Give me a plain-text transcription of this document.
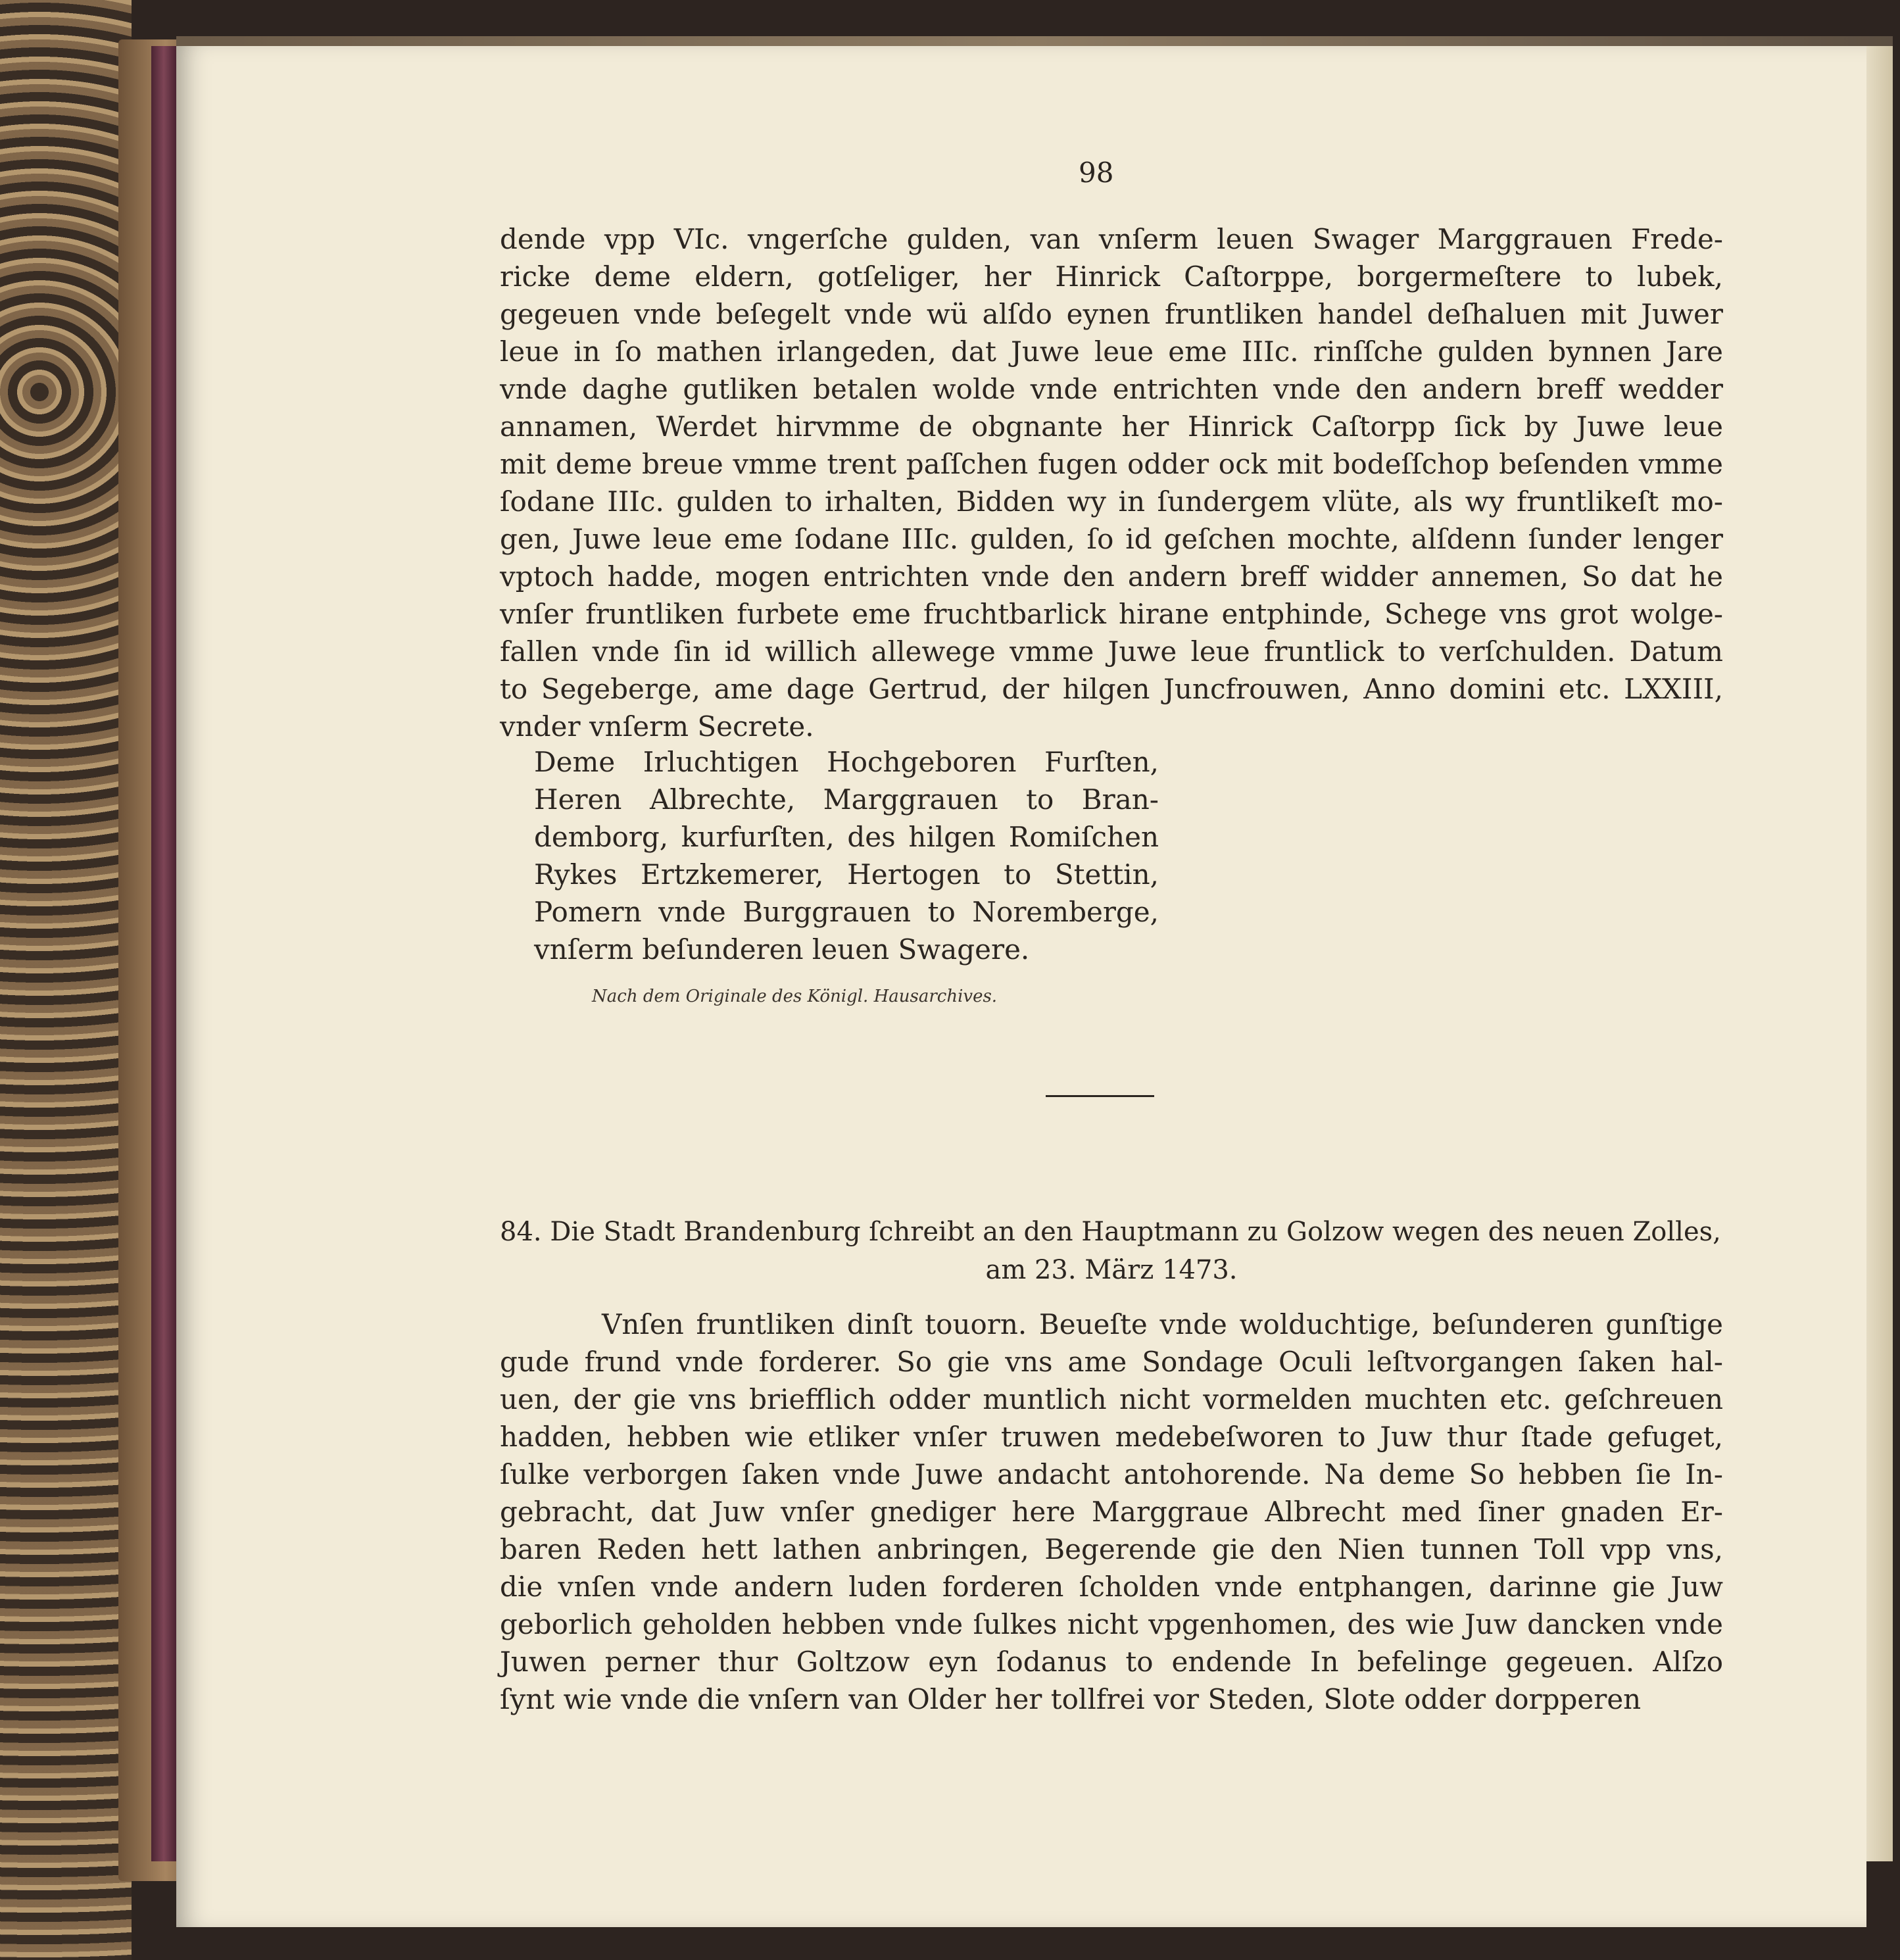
98
dende vpp VIc. vngerſche gulden, van vnſerm leuen Swager Marggrauen Frede-
ricke deme eldern, gotſeliger, her Hinrick Caſtorppe, borgermeſtere to lubek,
gegeuen vnde beſegelt vnde wü alſdo eynen fruntliken handel deſhaluen mit Juwer
leue in ſo mathen irlangeden, dat Juwe leue eme IIIc. rinſſche gulden bynnen Jare
vnde daghe gutliken betalen wolde vnde entrichten vnde den andern breff wedder
annamen, Werdet hirvmme de obgnante her Hinrick Caſtorpp ſick by Juwe leue
mit deme breue vmme trent paſſchen fugen odder ock mit bodeſſchop beſenden vmme
ſodane IIIc. gulden to irhalten, Bidden wy in ſundergem vlüte, als wy fruntlikeſt mo-
gen, Juwe leue eme ſodane IIIc. gulden, ſo id geſchen mochte, alſdenn ſunder lenger
vptoch hadde, mogen entrichten vnde den andern breff widder annemen, So dat he
vnſer fruntliken furbete eme fruchtbarlick hirane entphinde, Schege vns grot wolge-
fallen vnde ſin id willich allewege vmme Juwe leue fruntlick to verſchulden. Datum
to Segeberge, ame dage Gertrud, der hilgen Juncfrouwen, Anno domini etc. LXXIII,
vnder vnſerm Secrete.
Deme Irluchtigen Hochgeboren Furſten,
Heren Albrechte, Marggrauen to Bran-
demborg, kurfurſten, des hilgen Romiſchen
Rykes Ertzkemerer, Hertogen to Stettin,
Pomern vnde Burggrauen to Noremberge,
vnſerm beſunderen leuen Swagere.
Nach dem Originale des Königl. Hausarchives.
84. Die Stadt Brandenburg ſchreibt an den Hauptmann zu Golzow wegen des neuen Zolles,
am 23. März 1473.
Vnſen fruntliken dinſt touorn. Beueſte vnde wolduchtige, beſunderen gunſtige
gude frund vnde forderer. So gie vns ame Sondage Oculi leſtvorgangen ſaken hal-
uen, der gie vns briefflich odder muntlich nicht vormelden muchten etc. geſchreuen
hadden, hebben wie etliker vnſer truwen medebeſworen to Juw thur ſtade gefuget,
ſulke verborgen ſaken vnde Juwe andacht antohorende. Na deme So hebben ſie In-
gebracht, dat Juw vnſer gnediger here Marggraue Albrecht med ſiner gnaden Er-
baren Reden hett lathen anbringen, Begerende gie den Nien tunnen Toll vpp vns,
die vnſen vnde andern luden forderen ſcholden vnde entphangen, darinne gie Juw
geborlich geholden hebben vnde ſulkes nicht vpgenhomen, des wie Juw dancken vnde
Juwen perner thur Goltzow eyn ſodanus to endende In befelinge gegeuen. Alſzo
ſynt wie vnde die vnſern van Older her tollfrei vor Steden, Slote odder dorpperen
